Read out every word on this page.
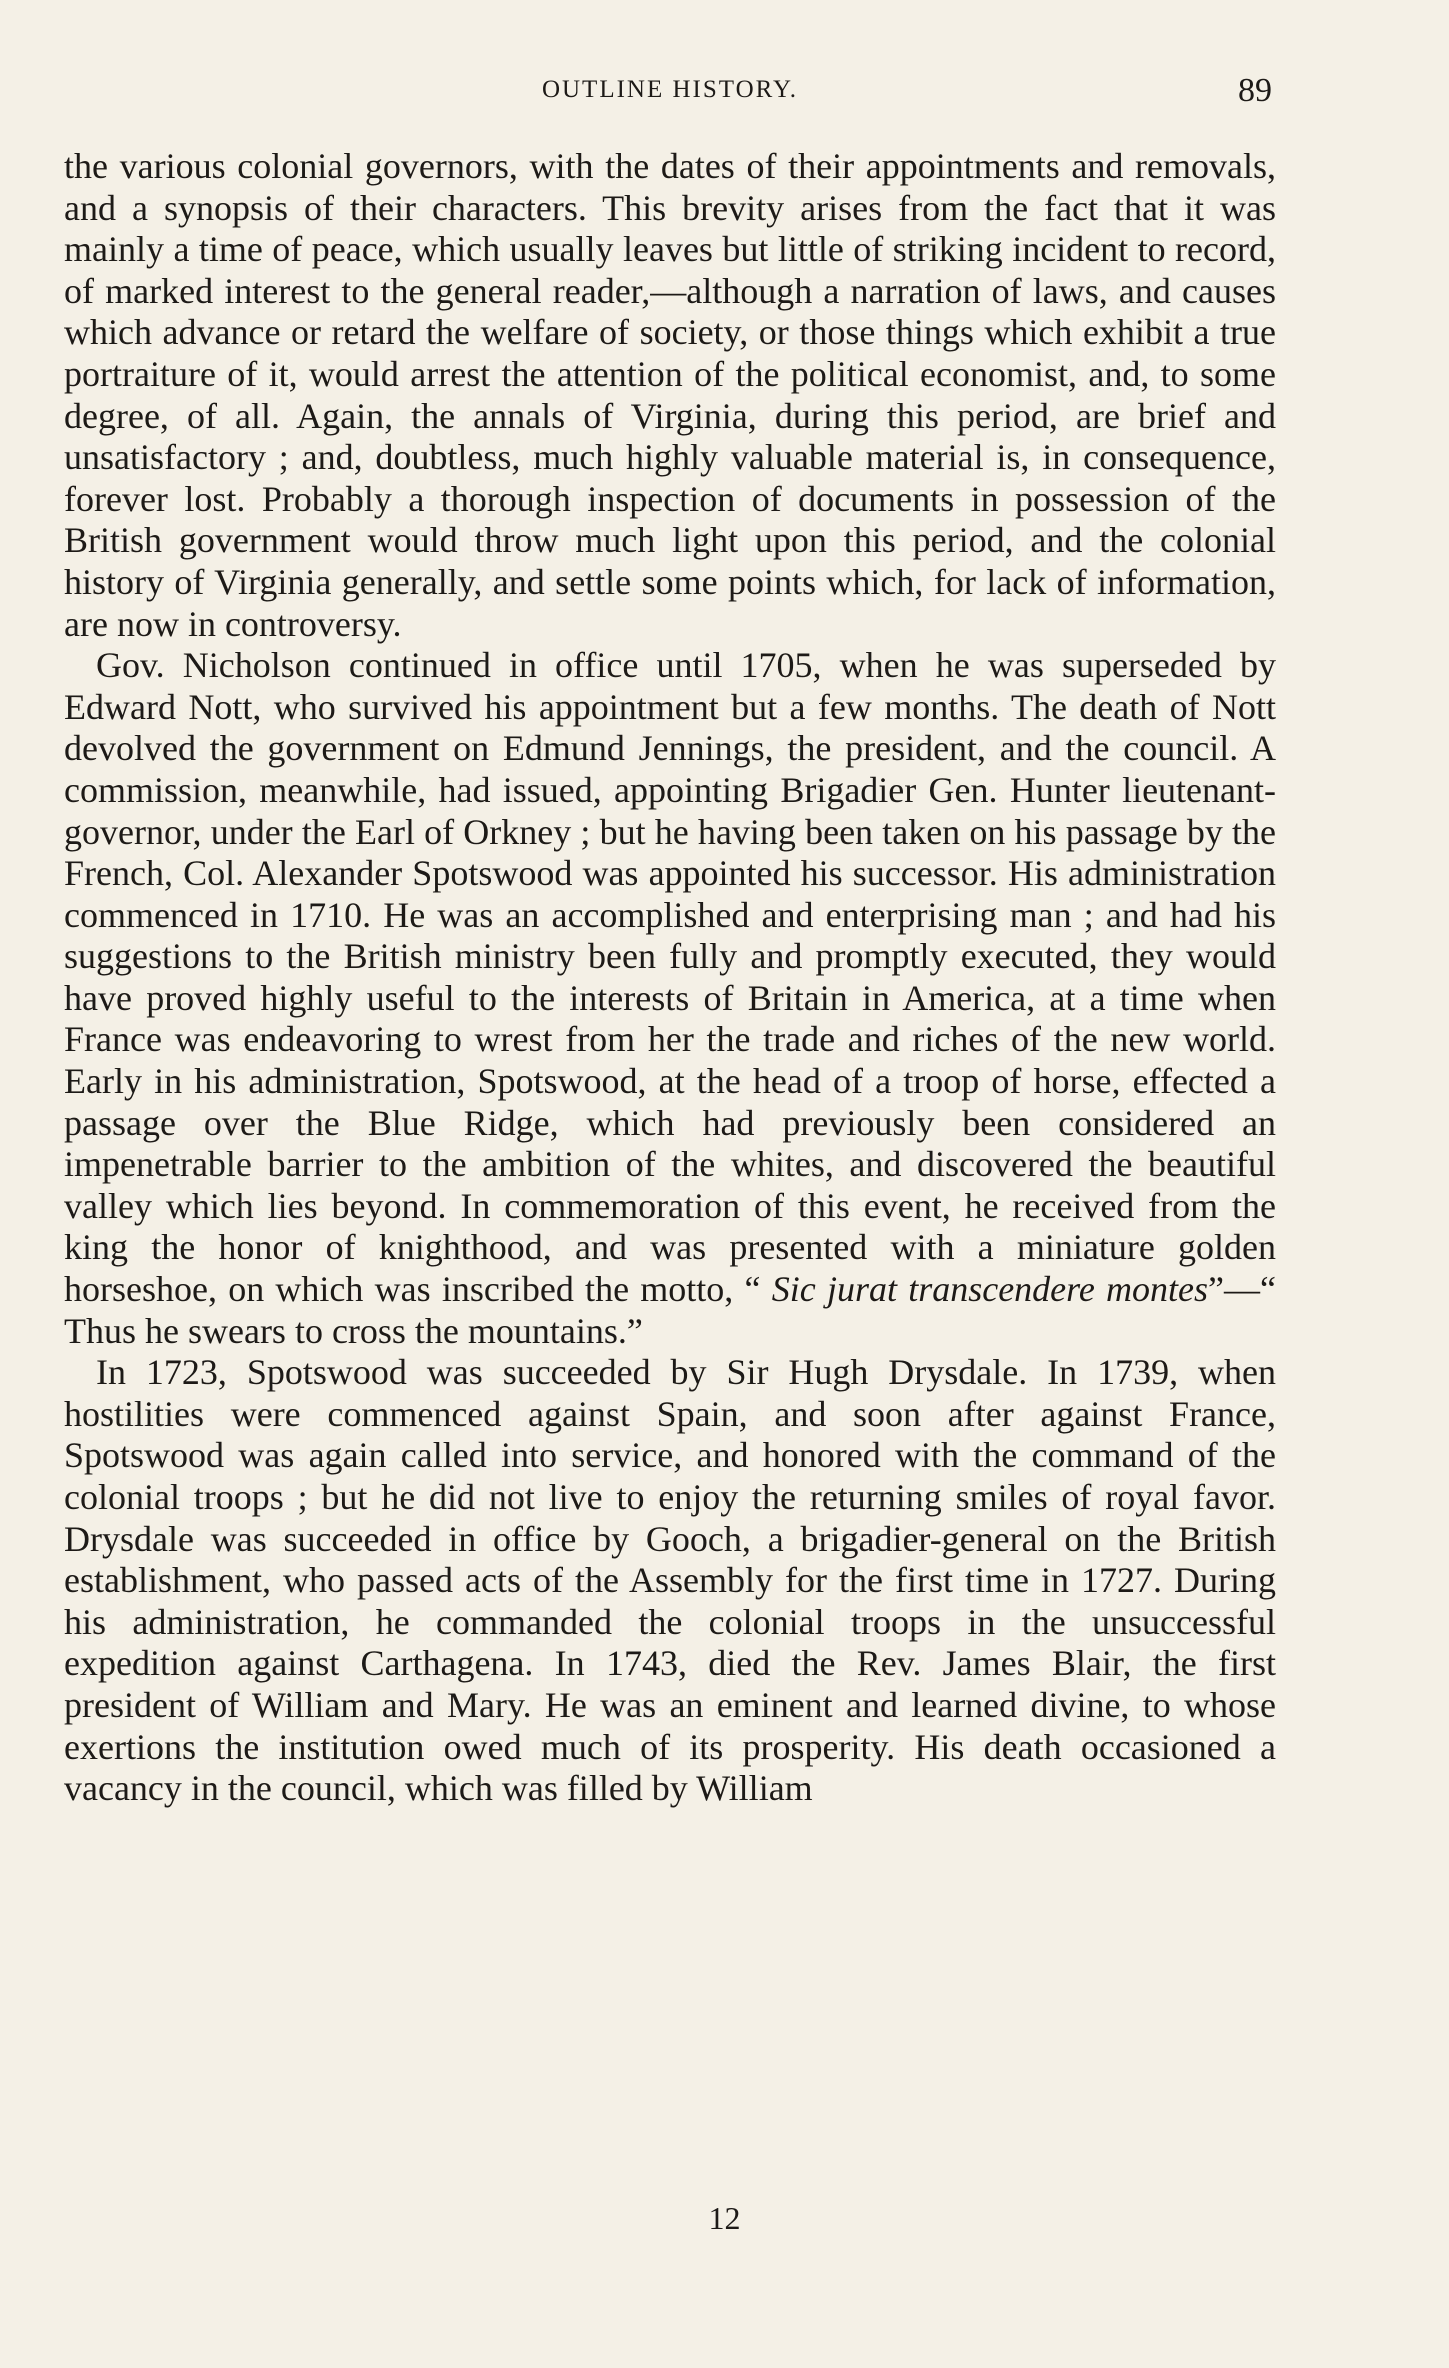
OUTLINE HISTORY.	89

the various colonial governors, with the dates of their appointments and removals, and a synopsis of their characters. This brevity arises from the fact that it was mainly a time of peace, which usually leaves but little of striking incident to record, of marked interest to the general reader,—although a narration of laws, and causes which advance or retard the welfare of society, or those things which exhibit a true portraiture of it, would arrest the attention of the political economist, and, to some degree, of all. Again, the annals of Virginia, during this period, are brief and unsatisfactory ; and, doubtless, much highly valuable material is, in consequence, forever lost. Probably a thorough inspection of documents in possession of the British government would throw much light upon this period, and the colonial history of Virginia generally, and settle some points which, for lack of information, are now in controversy.

Gov. Nicholson continued in office until 1705, when he was superseded by Edward Nott, who survived his appointment but a few months. The death of Nott devolved the government on Edmund Jennings, the president, and the council. A commission, meanwhile, had issued, appointing Brigadier Gen. Hunter lieutenant-governor, under the Earl of Orkney ; but he having been taken on his passage by the French, Col. Alexander Spotswood was appointed his successor. His administration commenced in 1710. He was an accomplished and enterprising man ; and had his suggestions to the British ministry been fully and promptly executed, they would have proved highly useful to the interests of Britain in America, at a time when France was endeavoring to wrest from her the trade and riches of the new world. Early in his administration, Spotswood, at the head of a troop of horse, effected a passage over the Blue Ridge, which had previously been considered an impenetrable barrier to the ambition of the whites, and discovered the beautiful valley which lies beyond. In commemoration of this event, he received from the king the honor of knighthood, and was presented with a miniature golden horseshoe, on which was inscribed the motto, “ Sic jurat transcendere montes”—“ Thus he swears to cross the mountains.”

In 1723, Spotswood was succeeded by Sir Hugh Drysdale. In 1739, when hostilities were commenced against Spain, and soon after against France, Spotswood was again called into service, and honored with the command of the colonial troops ; but he did not live to enjoy the returning smiles of royal favor. Drysdale was succeeded in office by Gooch, a brigadier-general on the British establishment, who passed acts of the Assembly for the first time in 1727. During his administration, he commanded the colonial troops in the unsuccessful expedition against Carthagena. In 1743, died the Rev. James Blair, the first president of William and Mary. He was an eminent and learned divine, to whose exertions the institution owed much of its prosperity. His death occasioned a vacancy in the council, which was filled by William

12
